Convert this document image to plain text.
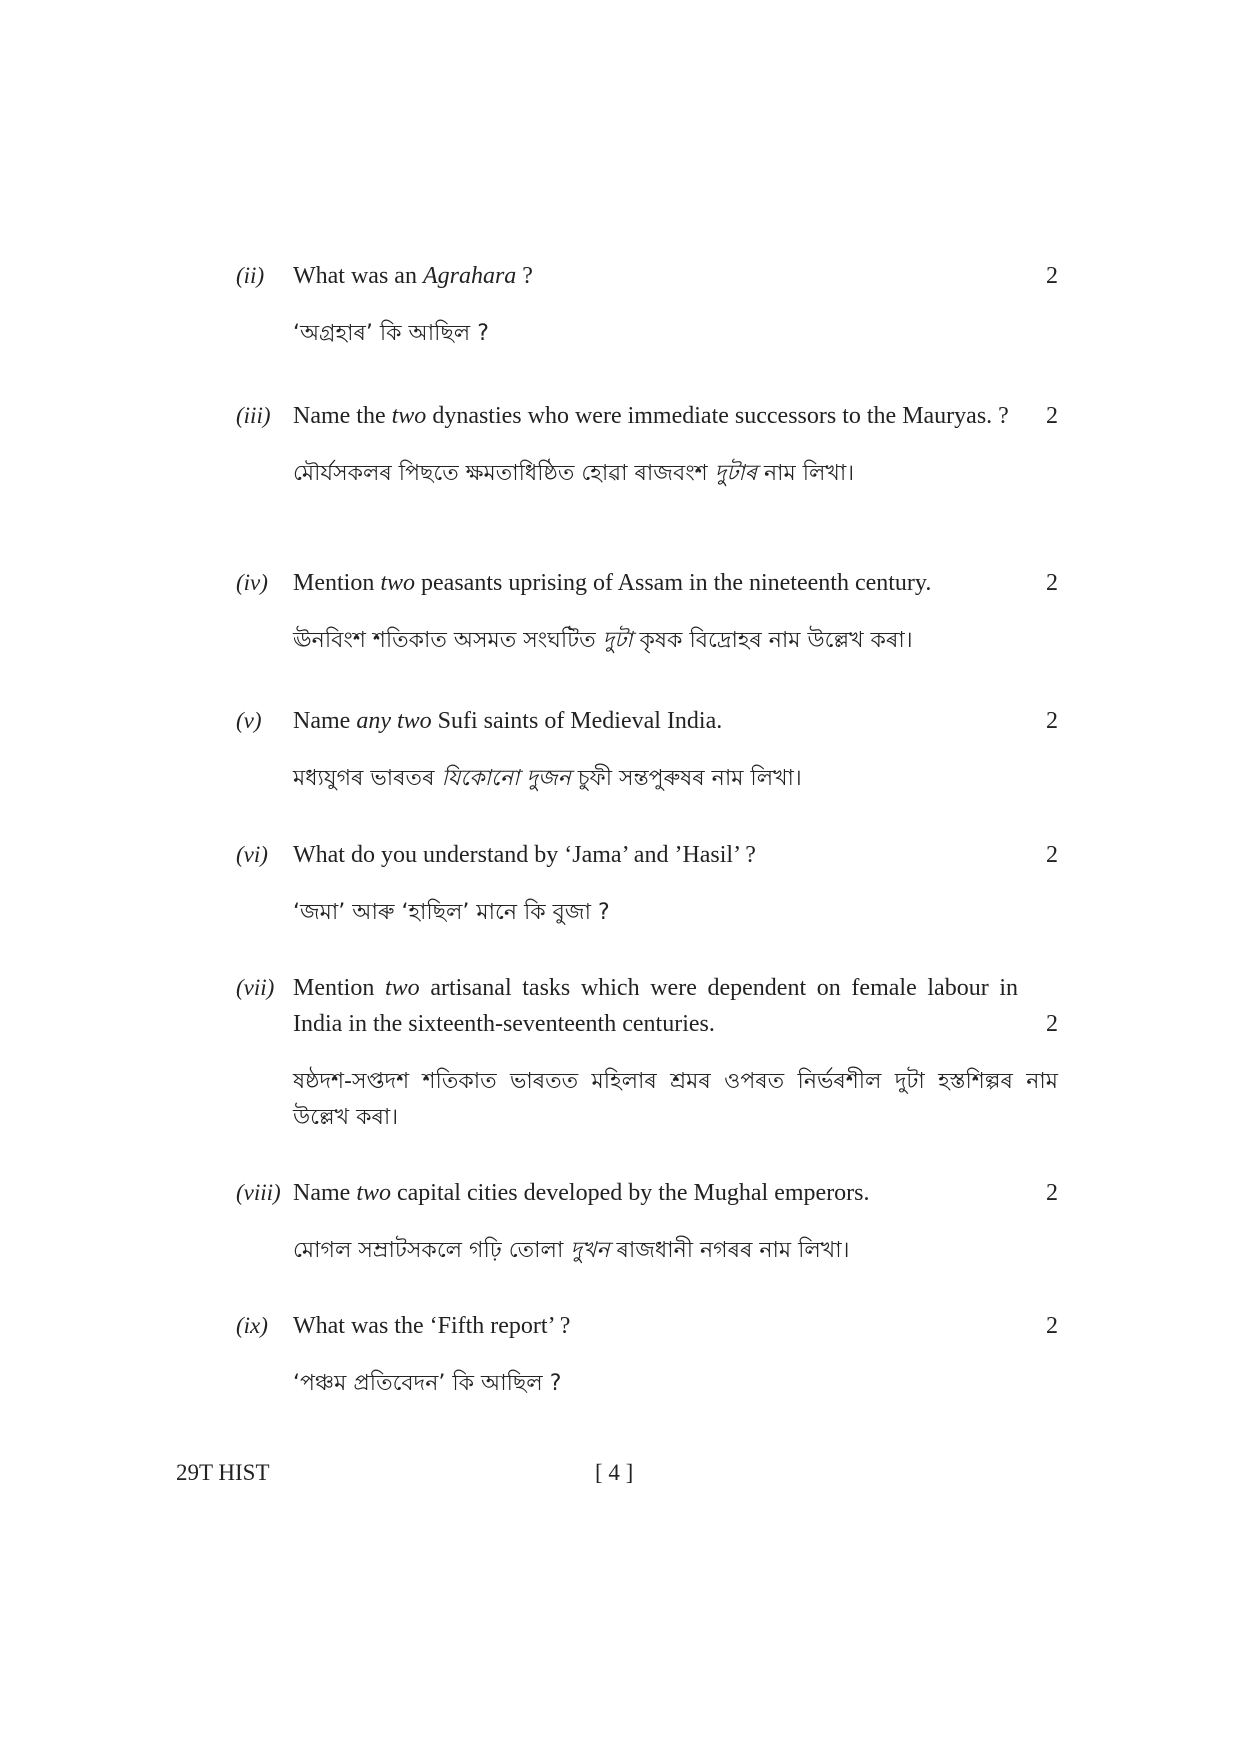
(ii) What was an Agrahara ?	2
‘অগ্ৰহাৰ’ কি আছিল ?
(iii) Name the two dynasties who were immediate successors to the Mauryas. ? 2
মৌৰ্যসকলৰ পিছতে ক্ষমতাধিষ্ঠিত হোৱা ৰাজবংশ দুটাৰ নাম লিখা।
(iv) Mention two peasants uprising of Assam in the nineteenth century.	2
ঊনবিংশ শতিকাত অসমত সংঘটিত দুটা কৃষক বিদ্ৰোহৰ নাম উল্লেখ কৰা।
(v) Name any two Sufi saints of Medieval India.	2
মধ্যযুগৰ ভাৰতৰ যিকোনো দুজন চুফী সন্তপুৰুষৰ নাম লিখা।
(vi) What do you understand by ‘Jama’ and ’Hasil’ ?	2
‘জমা’ আৰু ‘হাছিল’ মানে কি বুজা ?
(vii) Mention two artisanal tasks which were dependent on female labour in India in the sixteenth-seventeenth centuries.	2
ষষ্ঠদশ-সপ্তদশ শতিকাত ভাৰতত মহিলাৰ শ্ৰমৰ ওপৰত নিৰ্ভৰশীল দুটা হস্তশিল্পৰ নাম উল্লেখ কৰা।
(viii) Name two capital cities developed by the Mughal emperors.	2
মোগল সম্ৰাটসকলে গঢ়ি তোলা দুখন ৰাজধানী নগৰৰ নাম লিখা।
(ix) What was the ‘Fifth report’ ?	2
‘পঞ্চম প্ৰতিবেদন’ কি আছিল ?
29T HIST	[ 4 ]
